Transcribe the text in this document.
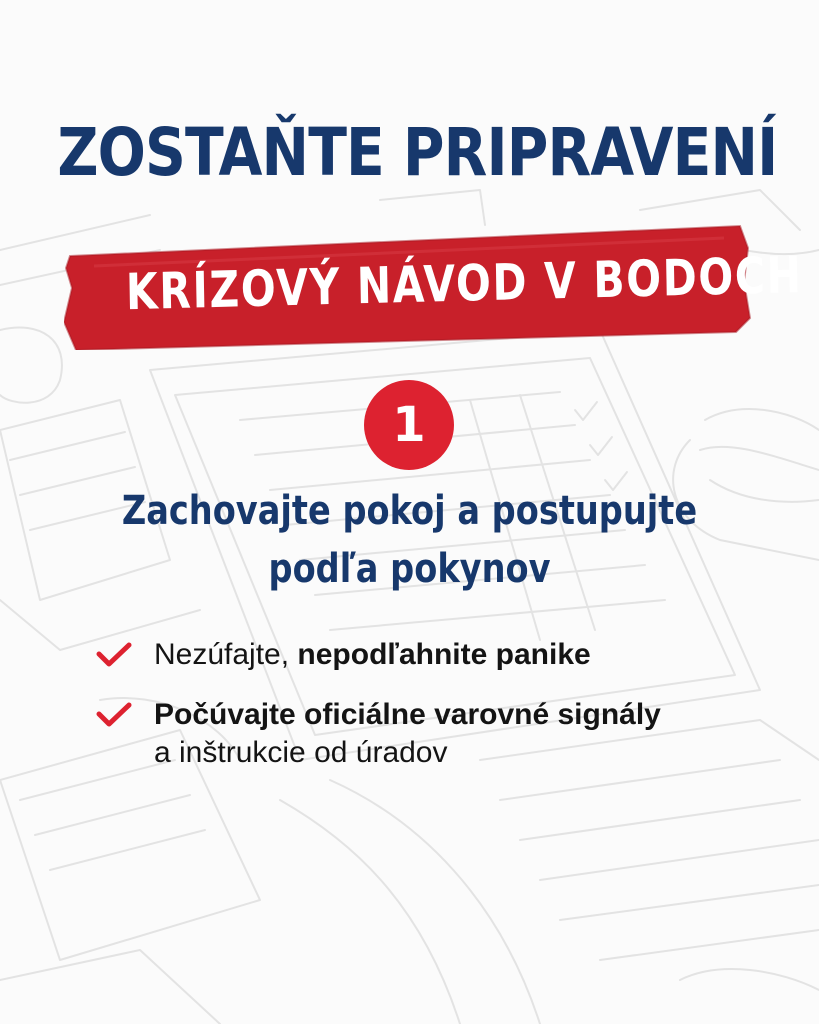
ZOSTAŇTE PRIPRAVENÍ
KRÍZOVÝ NÁVOD V BODOCH
1
Zachovajte pokoj a postupujte
podľa pokynov
Nezúfajte, nepodľahnite panike
Počúvajte oficiálne varovné signály
a inštrukcie od úradov
